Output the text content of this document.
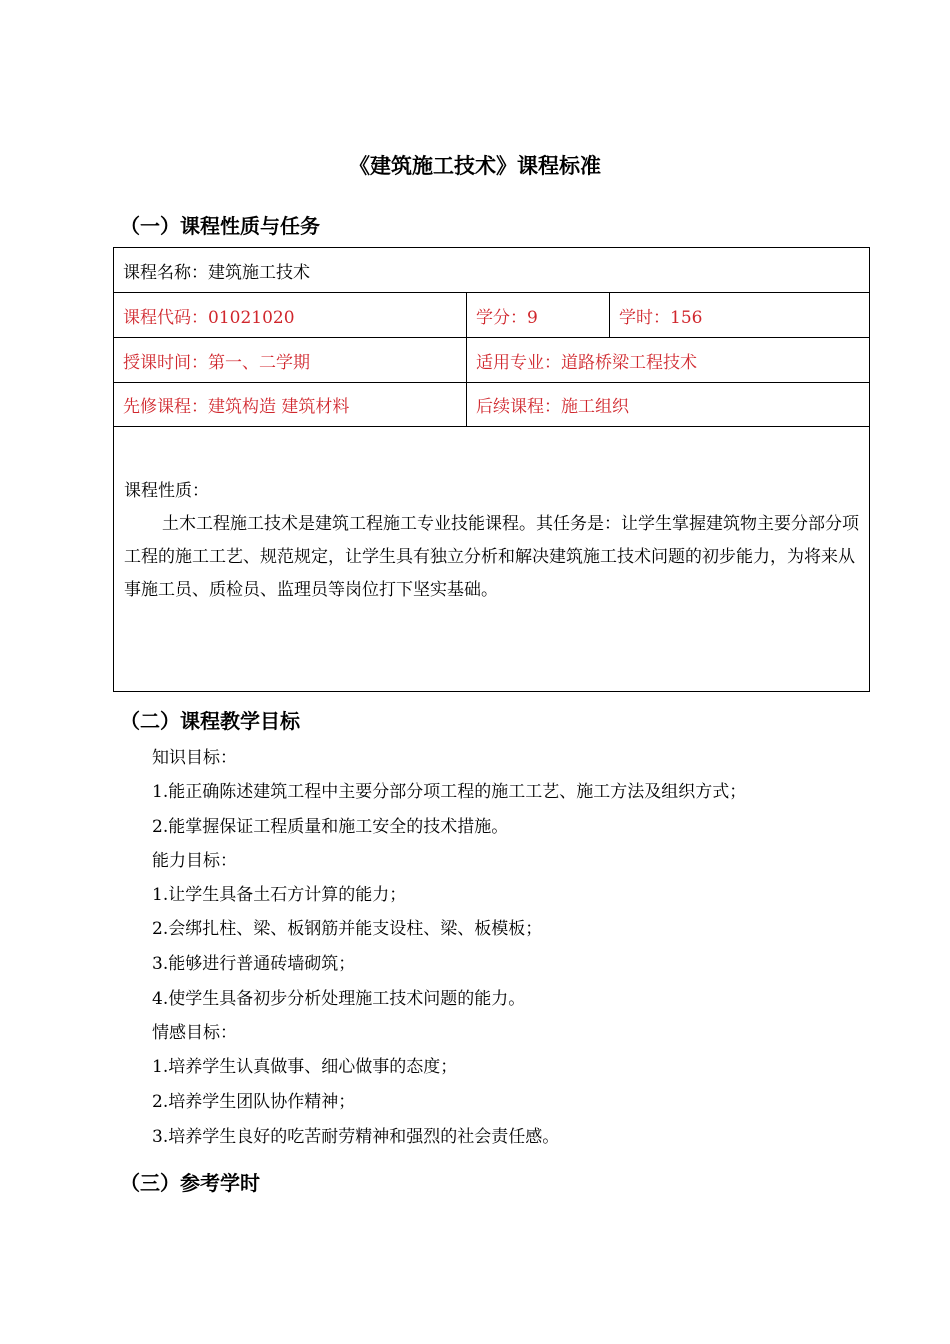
《建筑施工技术》课程标准
（一）课程性质与任务
课程名称：建筑施工技术		
课程代码：01021020	学分：9	学时：156
授课时间：第一、二学期	适用专业：道路桥梁工程技术	
先修课程：建筑构造 建筑材料	后续课程：施工组织	

课程性质：
土木工程施工技术是建筑工程施工专业技能课程。其任务是：让学生掌握建筑物主要分部分项工程的施工工艺、规范规定，让学生具有独立分析和解决建筑施工技术问题的初步能力，为将来从事施工员、质检员、监理员等岗位打下坚实基础。		
（二）课程教学目标
知识目标：
1.能正确陈述建筑工程中主要分部分项工程的施工工艺、施工方法及组织方式；
2.能掌握保证工程质量和施工安全的技术措施。
能力目标：
1.让学生具备土石方计算的能力；
2.会绑扎柱、梁、板钢筋并能支设柱、梁、板模板；
3.能够进行普通砖墙砌筑；
4.使学生具备初步分析处理施工技术问题的能力。
情感目标：
1.培养学生认真做事、细心做事的态度；
2.培养学生团队协作精神；
3.培养学生良好的吃苦耐劳精神和强烈的社会责任感。
（三）参考学时
